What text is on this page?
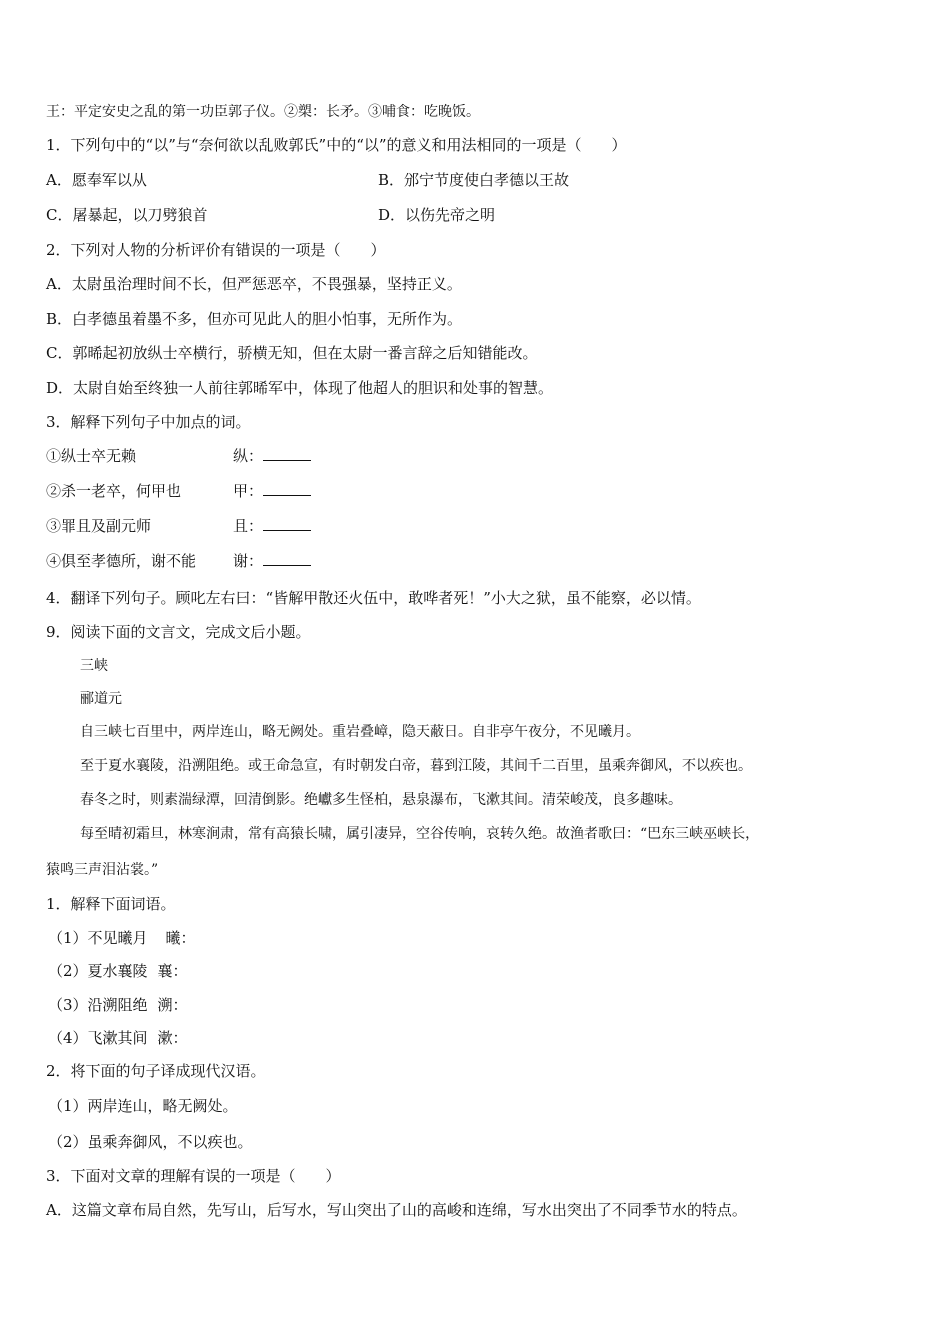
王：平定安史之乱的第一功臣郭子仪。②槊：长矛。③哺食：吃晚饭。
1．下列句中的“以”与“奈何欲以乱败郭氏”中的“以”的意义和用法相同的一项是（　　）
A．愿奉军以从	B．邠宁节度使白孝德以王故
C．屠暴起，以刀劈狼首	D．以伤先帝之明
2．下列对人物的分析评价有错误的一项是（　　）
A．太尉虽治理时间不长，但严惩恶卒，不畏强暴，坚持正义。
B．白孝德虽着墨不多，但亦可见此人的胆小怕事，无所作为。
C．郭晞起初放纵士卒横行，骄横无知，但在太尉一番言辞之后知错能改。
D．太尉自始至终独一人前往郭晞军中，体现了他超人的胆识和处事的智慧。
3．解释下列句子中加点的词。
①纵士卒无赖	纵：
②杀一老卒，何甲也	甲：
③罪且及副元师	且：
④俱至孝德所，谢不能 谢：
4．翻译下列句子。顾叱左右曰：“皆解甲散还火伍中，敢哗者死！”小大之狱，虽不能察，必以情。
9．阅读下面的文言文，完成文后小题。
三峡
郦道元
自三峡七百里中，两岸连山，略无阙处。重岩叠嶂，隐天蔽日。自非亭午夜分，不见曦月。
至于夏水襄陵，沿溯阻绝。或王命急宣，有时朝发白帝，暮到江陵，其间千二百里，虽乘奔御风，不以疾也。
春冬之时，则素湍绿潭，回清倒影。绝巘多生怪柏，悬泉瀑布，飞漱其间。清荣峻茂，良多趣味。
每至晴初霜旦，林寒涧肃，常有高猿长啸，属引凄异，空谷传响，哀转久绝。故渔者歌曰：“巴东三峡巫峡长，
猿鸣三声泪沾裳。”
1．解释下面词语。
（1）不见曦月 曦：
（2）夏水襄陵 襄：
（3）沿溯阻绝 溯：
（4）飞漱其间 漱：
2．将下面的句子译成现代汉语。
（1）两岸连山，略无阙处。
（2）虽乘奔御风，不以疾也。
3．下面对文章的理解有误的一项是（　　）
A．这篇文章布局自然，先写山，后写水，写山突出了山的高峻和连绵，写水出突出了不同季节水的特点。
